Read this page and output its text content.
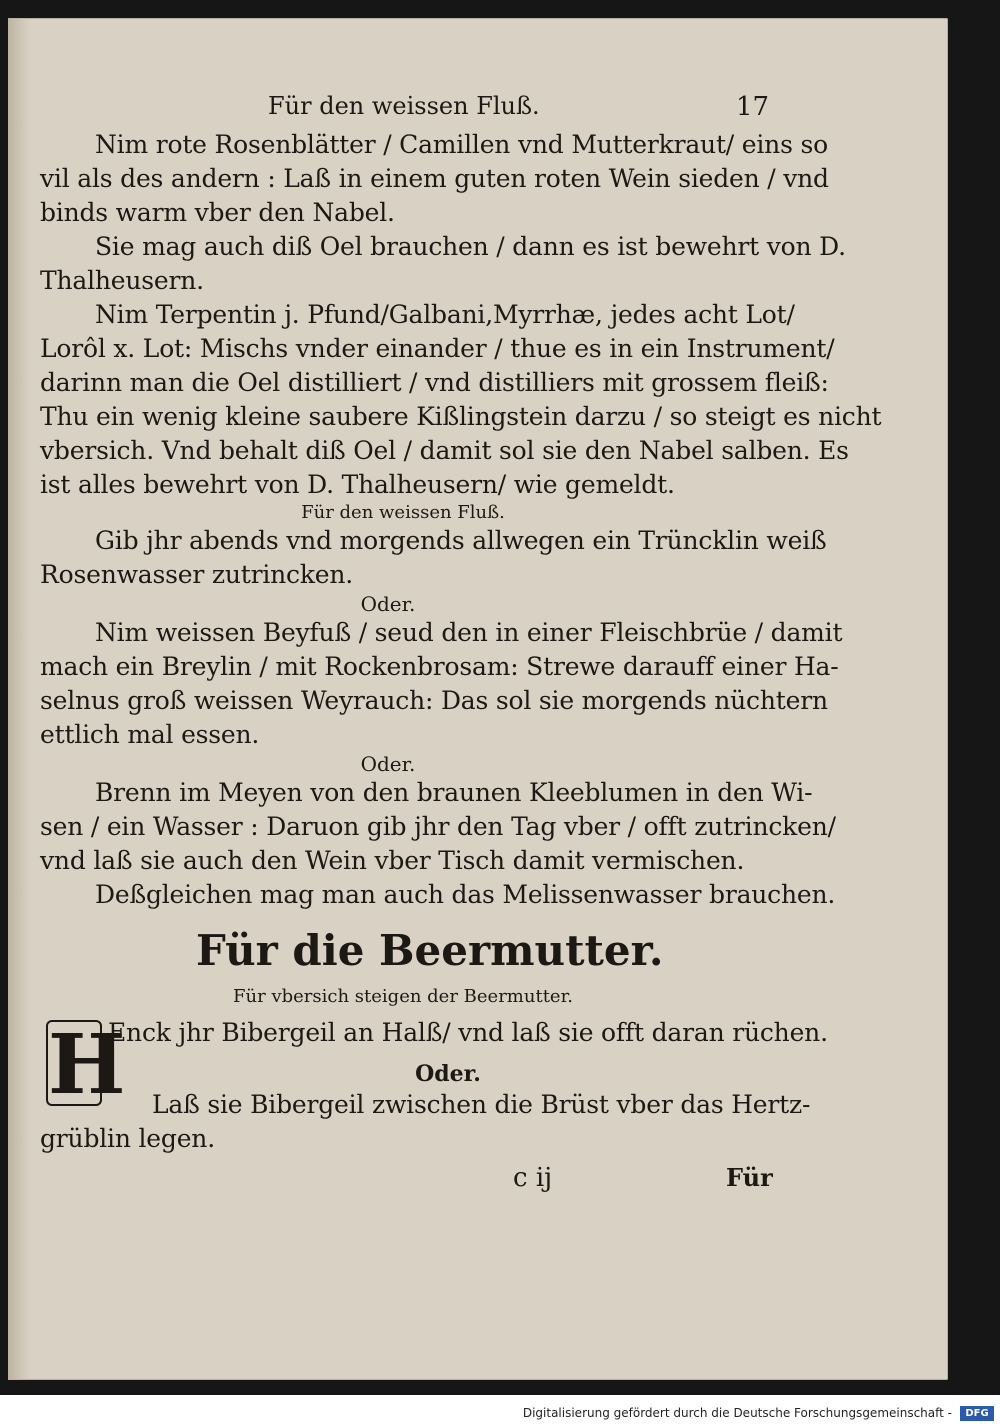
Für den weissen Fluß.	17
Nim rote Rosenblätter / Camillen vnd Mutterkraut/ eins so
vil als des andern : Laß in einem guten roten Wein sieden / vnd
binds warm vber den Nabel.
Sie mag auch diß Oel brauchen / dann es ist bewehrt von D.
Thalheusern.
Nim Terpentin j. Pfund/Galbani,Myrrhæ, jedes acht Lot/
Lorôl x. Lot: Mischs vnder einander / thue es in ein Instrument/
darinn man die Oel distilliert / vnd distilliers mit grossem fleiß:
Thu ein wenig kleine saubere Kißlingstein darzu / so steigt es nicht
vbersich. Vnd behalt diß Oel / damit sol sie den Nabel salben. Es
ist alles bewehrt von D. Thalheusern/ wie gemeldt.
Für den weissen Fluß.
Gib jhr abends vnd morgends allwegen ein Trüncklin weiß
Rosenwasser zutrincken.
Oder.
Nim weissen Beyfuß / seud den in einer Fleischbrüe / damit
mach ein Breylin / mit Rockenbrosam: Strewe darauff einer Ha-
selnus groß weissen Weyrauch: Das sol sie morgends nüchtern
ettlich mal essen.
Oder.
Brenn im Meyen von den braunen Kleeblumen in den Wi-
sen / ein Wasser : Daruon gib jhr den Tag vber / offt zutrincken/
vnd laß sie auch den Wein vber Tisch damit vermischen.
Deßgleichen mag man auch das Melissenwasser brauchen.
Für die Beermutter.
Für vbersich steigen der Beermutter.
H
Enck jhr Bibergeil an Halß/ vnd laß sie offt daran rüchen.
Oder.
Laß sie Bibergeil zwischen die Brüst vber das Hertz-
grüblin legen.
c ij	Für
Digitalisierung gefördert durch die Deutsche Forschungsgemeinschaft -	DFG
